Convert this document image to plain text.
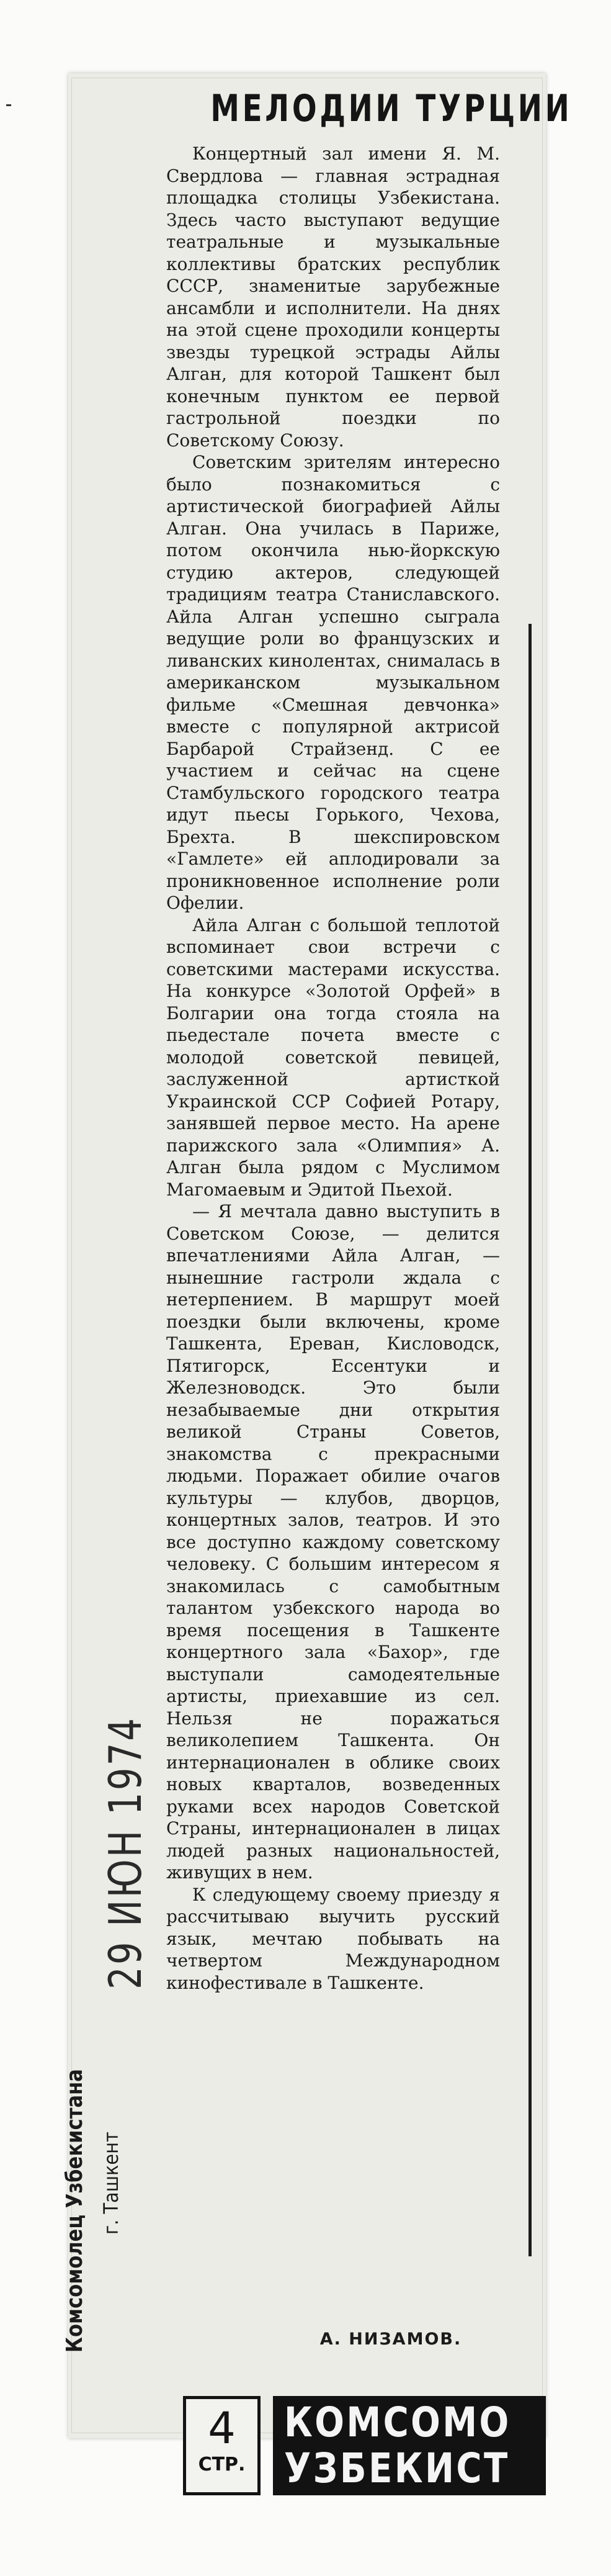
МЕЛОДИИ ТУРЦИИ

Концертный зал имени Я. М. Свердлова — главная эстрадная площадка столицы Узбекистана. Здесь часто выступают ведущие театральные и музыкальные коллективы братских республик СССР, знаменитые зарубежные ансамбли и исполнители. На днях на этой сцене проходили концерты звезды турецкой эстрады Айлы Алган, для которой Ташкент был конечным пунктом ее первой гастрольной поездки по Советскому Союзу.

Советским зрителям интересно было познакомиться с артистической биографией Айлы Алган. Она училась в Париже, потом окончила нью-йоркскую студию актеров, следующей традициям театра Станиславского. Айла Алган успешно сыграла ведущие роли во французских и ливанских кинолентах, снималась в американском музыкальном фильме «Смешная девчонка» вместе с популярной актрисой Барбарой Страйзенд. С ее участием и сейчас на сцене Стамбульского городского театра идут пьесы Горького, Чехова, Брехта. В шекспировском «Гамлете» ей аплодировали за проникновенное исполнение роли Офелии.

Айла Алган с большой теплотой вспоминает свои встречи с советскими мастерами искусства. На конкурсе «Золотой Орфей» в Болгарии она тогда стояла на пьедестале почета вместе с молодой советской певицей, заслуженной артисткой Украинской ССР Софией Ротару, занявшей первое место. На арене парижского зала «Олимпия» А. Алган была рядом с Муслимом Магомаевым и Эдитой Пьехой.

— Я мечтала давно выступить в Советском Союзе, — делится впечатлениями Айла Алган, — нынешние гастроли ждала с нетерпением. В маршрут моей поездки были включены, кроме Ташкента, Ереван, Кисловодск, Пятигорск, Ессентуки и Железноводск. Это были незабываемые дни открытия великой Страны Советов, знакомства с прекрасными людьми. Поражает обилие очагов культуры — клубов, дворцов, концертных залов, театров. И это все доступно каждому советскому человеку. С большим интересом я знакомилась с самобытным талантом узбекского народа во время посещения в Ташкенте концертного зала «Бахор», где выступали самодеятельные артисты, приехавшие из сел. Нельзя не поражаться великолепием Ташкента. Он интернационален в облике своих новых кварталов, возведенных руками всех народов Советской Страны, интернационален в лицах людей разных национальностей, живущих в нем.

К следующему своему приезду я рассчитываю выучить русский язык, мечтаю побывать на четвертом Международном кинофестивале в Ташкенте.

А. НИЗАМОВ.
29 ИЮН 1974
Комсомолец Узбекистана г. Ташкент
4
СТР.
КОМСОМО
УЗБЕКИСТ
